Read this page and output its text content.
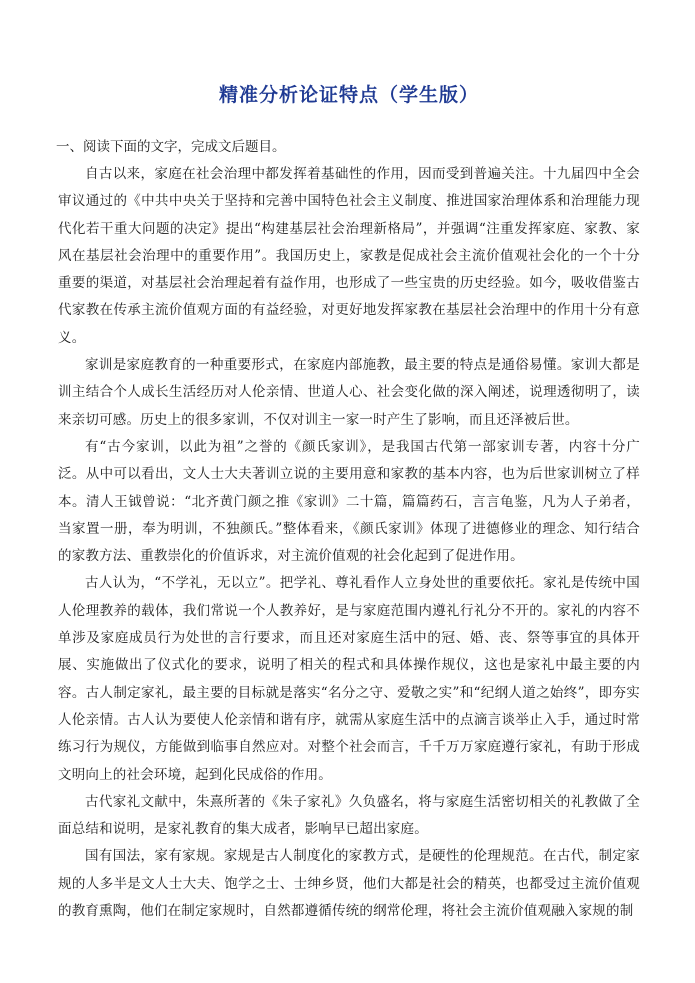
精准分析论证特点（学生版）
一、阅读下面的文字，完成文后题目。

自古以来，家庭在社会治理中都发挥着基础性的作用，因而受到普遍关注。十九届四中全会审议通过的《中共中央关于坚持和完善中国特色社会主义制度、推进国家治理体系和治理能力现代化若干重大问题的决定》提出“构建基层社会治理新格局”，并强调“注重发挥家庭、家教、家风在基层社会治理中的重要作用”。我国历史上，家教是促成社会主流价值观社会化的一个十分重要的渠道，对基层社会治理起着有益作用，也形成了一些宝贵的历史经验。如今，吸收借鉴古代家教在传承主流价值观方面的有益经验，对更好地发挥家教在基层社会治理中的作用十分有意义。

家训是家庭教育的一种重要形式，在家庭内部施教，最主要的特点是通俗易懂。家训大都是训主结合个人成长生活经历对人伦亲情、世道人心、社会变化做的深入阐述，说理透彻明了，读来亲切可感。历史上的很多家训，不仅对训主一家一时产生了影响，而且还泽被后世。

有“古今家训，以此为祖”之誉的《颜氏家训》，是我国古代第一部家训专著，内容十分广泛。从中可以看出，文人士大夫著训立说的主要用意和家教的基本内容，也为后世家训树立了样本。清人王钺曾说：“北齐黄门颜之推《家训》二十篇，篇篇药石，言言龟鉴，凡为人子弟者，当家置一册，奉为明训，不独颜氏。”整体看来，《颜氏家训》体现了进德修业的理念、知行结合的家教方法、重教崇化的价值诉求，对主流价值观的社会化起到了促进作用。

古人认为，“不学礼，无以立”。把学礼、尊礼看作人立身处世的重要依托。家礼是传统中国人伦理教养的载体，我们常说一个人教养好，是与家庭范围内遵礼行礼分不开的。家礼的内容不单涉及家庭成员行为处世的言行要求，而且还对家庭生活中的冠、婚、丧、祭等事宜的具体开展、实施做出了仪式化的要求，说明了相关的程式和具体操作规仪，这也是家礼中最主要的内容。古人制定家礼，最主要的目标就是落实“名分之守、爱敬之实”和“纪纲人道之始终”，即夯实人伦亲情。古人认为要使人伦亲情和谐有序，就需从家庭生活中的点滴言谈举止入手，通过时常练习行为规仪，方能做到临事自然应对。对整个社会而言，千千万万家庭遵行家礼，有助于形成文明向上的社会环境，起到化民成俗的作用。

古代家礼文献中，朱熹所著的《朱子家礼》久负盛名，将与家庭生活密切相关的礼教做了全面总结和说明，是家礼教育的集大成者，影响早已超出家庭。

国有国法，家有家规。家规是古人制度化的家教方式，是硬性的伦理规范。在古代，制定家规的人多半是文人士大夫、饱学之士、士绅乡贤，他们大都是社会的精英，也都受过主流价值观的教育熏陶，他们在制定家规时，自然都遵循传统的纲常伦理，将社会主流价值观融入家规的制
